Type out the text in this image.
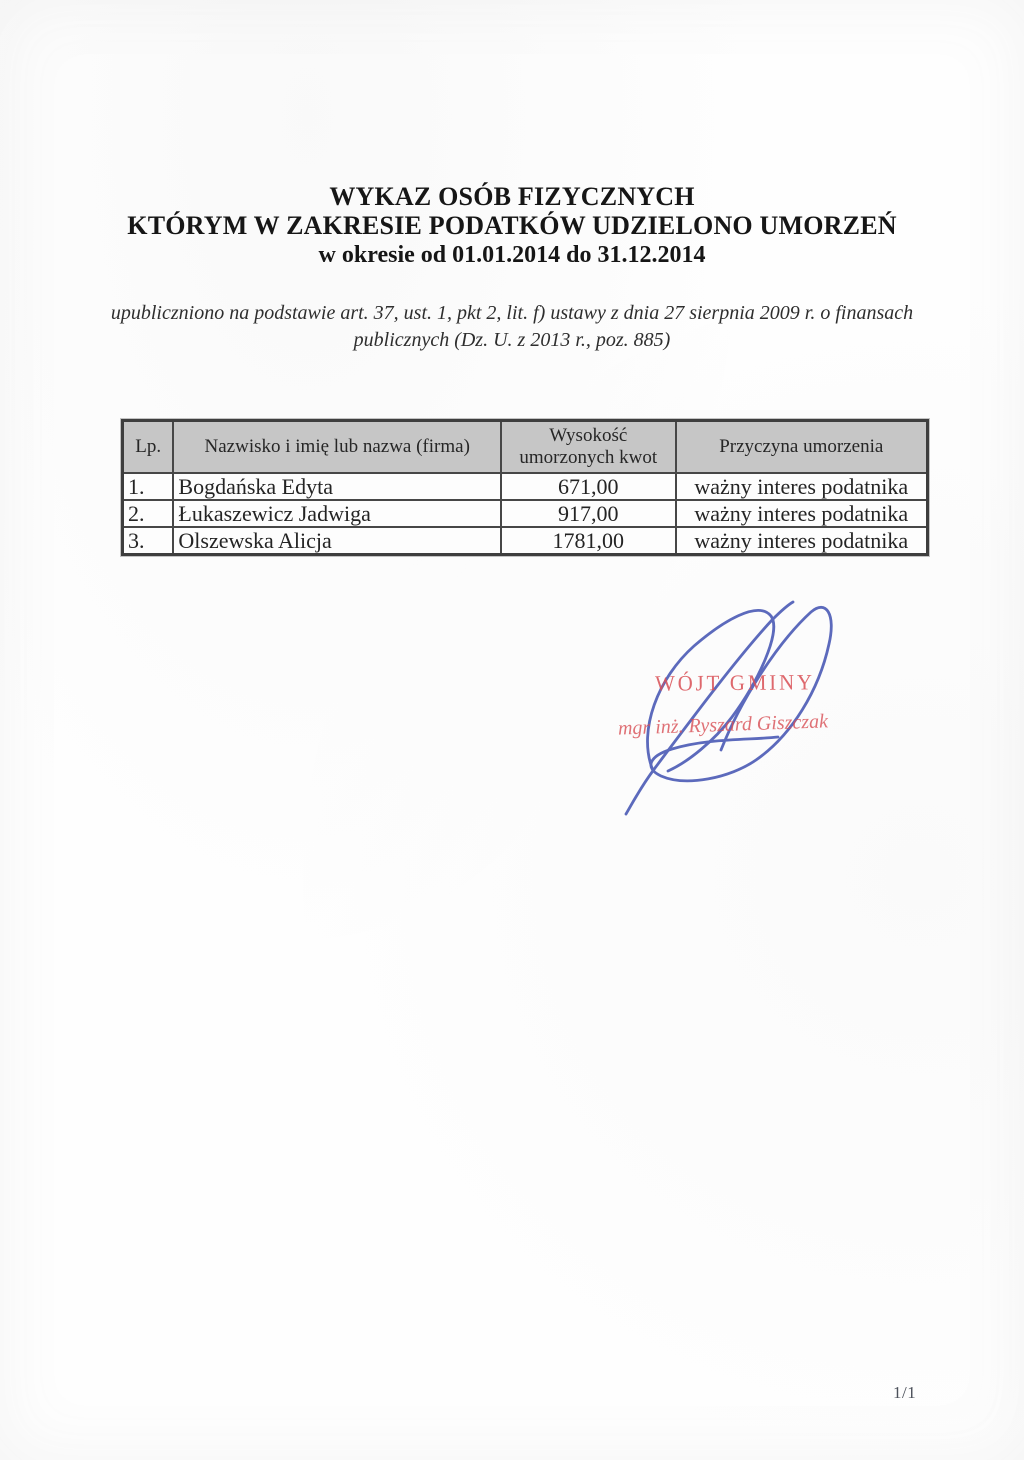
WYKAZ OSÓB FIZYCZNYCH
KTÓRYM W ZAKRESIE PODATKÓW UDZIELONO UMORZEŃ
w okresie od 01.01.2014 do 31.12.2014
upubliczniono na podstawie art. 37, ust. 1, pkt 2, lit. f) ustawy z dnia 27 sierpnia 2009 r. o finansach
publicznych (Dz. U. z 2013 r., poz. 885)
Lp.	Nazwisko i imię lub nazwa (firma)	Wysokość umorzonych kwot	Przyczyna umorzenia
1.	Bogdańska Edyta	671,00	ważny interes podatnika
2.	Łukaszewicz Jadwiga	917,00	ważny interes podatnika
3.	Olszewska Alicja	1781,00	ważny interes podatnika
WÓJT GMINY
mgr inż. Ryszard Giszczak
1/1
